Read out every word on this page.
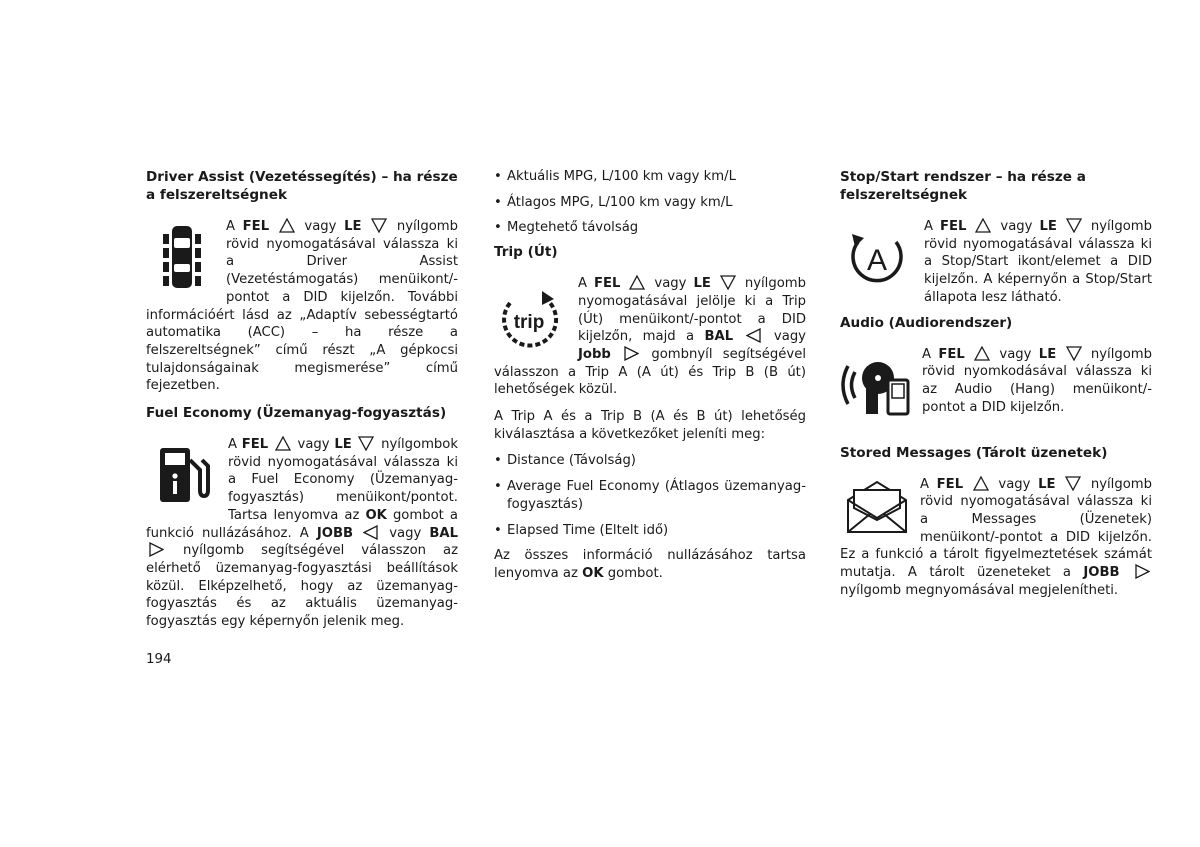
Driver Assist (Vezetéssegítés) – ha része a felszereltségnek

A FEL  vagy LE  nyílgomb rövid nyomogatásával válassza ki a Driver Assist (Vezetéstámogatás) menüikont/-pontot a DID kijelzőn. További információért lásd az „Adaptív sebességtartó automatika (ACC) – ha része a felszereltségnek” című részt „A gépkocsi tulajdonságainak megismerése” című fejezetben.

Fuel Economy (Üzemanyag-fogyasztás)

A FEL  vagy LE  nyílgombok rövid nyomogatásával válassza ki a Fuel Economy (Üzemanyag-fogyasztás) menüikont/pontot. Tartsa lenyomva az OK gombot a funkció nullázásához. A JOBB  vagy BAL  nyílgomb segítségével válasszon az elérhető üzemanyag-fogyasztási beállítások közül. Elképzelhető, hogy az üzemanyag-fogyasztás és az aktuális üzemanyag-fogyasztás egy képernyőn jelenik meg.

• Aktuális MPG, L/100 km vagy km/L

• Átlagos MPG, L/100 km vagy km/L

• Megtehető távolság

Trip (Út)

trip

A FEL  vagy LE  nyílgomb nyomogatásával jelölje ki a Trip (Út) menüikont/-pontot a DID kijelzőn, majd a BAL  vagy Jobb  gombnyíl segítségével válasszon a Trip A (A út) és Trip B (B út) lehetőségek közül.

A Trip A és a Trip B (A és B út) lehetőség kiválasztása a következőket jeleníti meg:

• Distance (Távolság)

• Average Fuel Economy (Átlagos üzemanyag-fogyasztás)

• Elapsed Time (Eltelt idő)

Az összes információ nullázásához tartsa lenyomva az OK gombot.

Stop/Start rendszer – ha része a felszereltségnek

A

A FEL  vagy LE  nyílgomb rövid nyomogatásával válassza ki a Stop/Start ikont/elemet a DID kijelzőn. A képernyőn a Stop/Start állapota lesz látható.

Audio (Audiorendszer)

A FEL  vagy LE  nyílgomb rövid nyomkodásával válassza ki az Audio (Hang) menüikont/-pontot a DID kijelzőn.

Stored Messages (Tárolt üzenetek)

A FEL  vagy LE  nyílgomb rövid nyomogatásával válassza ki a Messages (Üzenetek) menüikont/-pontot a DID kijelzőn. Ez a funkció a tárolt figyelmeztetések számát mutatja. A tárolt üzeneteket a JOBB  nyílgomb megnyomásával megjelenítheti.

194
